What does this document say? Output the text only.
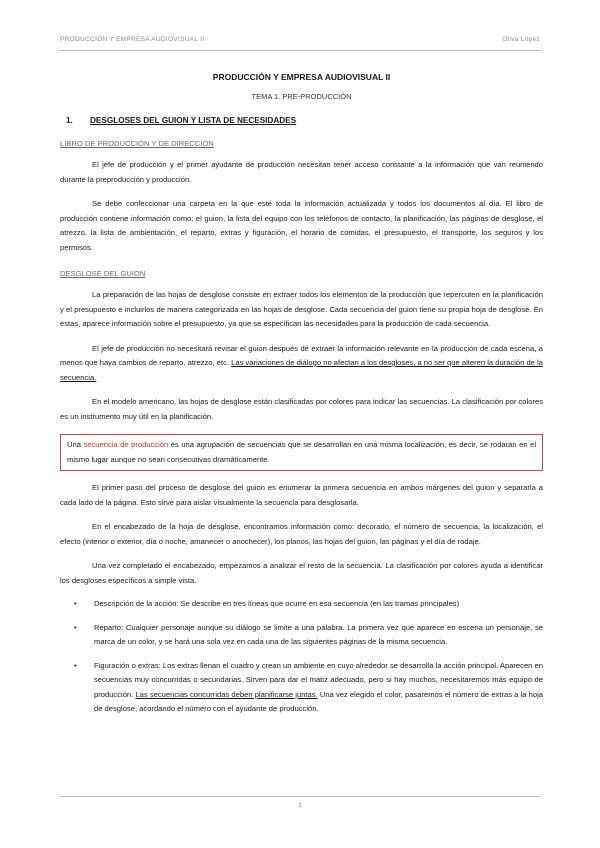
PRODUCCIÓN Y EMPRESA AUDIOVISUAL II	Oliva López

PRODUCCIÓN Y EMPRESA AUDIOVISUAL II

TEMA 1. PRE-PRODUCCIÓN

1. DESGLOSES DEL GUION Y LISTA DE NECESIDADES
LIBRO DE PRODUCCIÓN Y DE DIRECCIÓN

El jefe de producción y el primer ayudante de producción necesitan tener acceso constante a la información que van reuniendo durante la preproducción y producción.

Se debe confeccionar una carpeta en la que esté toda la información actualizada y todos los documentos al día. El libro de producción contiene información como: el guion, la lista del equipo con los teléfonos de contacto, la planificación, las páginas de desglose, el atrezzo, la lista de ambientación, el reparto, extras y figuración, el horario de comidas, el presupuesto, el transporte, los seguros y los permisos.

DESGLOSE DEL GUION

La preparación de las hojas de desglose consiste en extraer todos los elementos de la producción que repercuten en la planificación y el presupuesto e incluirlos de manera categorizada en las hojas de desglose. Cada secuencia del guion tiene su propia hoja de desglose. En estas, aparece información sobre el presupuesto, ya que se especifican las necesidades para la producción de cada secuencia.

El jefe de producción no necesitará revisar el guion después de extraer la información relevante en la producción de cada escena, a menos que haya cambios de reparto, atrezzo, etc. Las variaciones de diálogo no afectan a los desgloses, a no ser que alteren la duración de la secuencia.

En el modelo americano, las hojas de desglose están clasificadas por colores para indicar las secuencias. La clasificación por colores es un instrumento muy útil en la planificación.

Una secuencia de producción es una agrupación de secuencias que se desarrollan en una misma localización, es decir, se rodarán en el mismo lugar aunque no sean consecutivas dramáticamente.

El primer paso del proceso de desglose del guion es enumerar la primera secuencia en ambos márgenes del guion y separarla a cada lado de la página. Esto sirve para aislar visualmente la secuencia para desglosarla.

En el encabezado de la hoja de desglose, encontramos información como: decorado, el número de secuencia, la localización, el efecto (interior o exterior, día o noche, amanecer o anochecer), los planos, las hojas del guion, las páginas y el día de rodaje.

Una vez completado el encabezado, empezamos a analizar el resto de la secuencia. La clasificación por colores ayuda a identificar los desgloses específicos a simple vista.

• Descripción de la acción: Se describe en tres líneas que ocurre en esa secuencia (en las tramas principales)
• Reparto: Cualquier personaje aunque su diálogo se limite a una palabra. La primera vez que aparece en escena un personaje, se marca de un color, y se hará una sola vez en cada una de las siguientes páginas de la misma secuencia.
• Figuración o extras: Los extras llenan el cuadro y crean un ambiente en cuyo alrededor se desarrolla la acción principal. Aparecen en secuencias muy concurridas o secundarias. Sirven para dar el matiz adecuado, pero si hay muchos, necesitaremos más equipo de producción. Las secuencias concurridas deben planificarse juntas. Una vez elegido el color, pasaremos el número de extras a la hoja de desglose, acordando el número con el ayudante de producción.
1
